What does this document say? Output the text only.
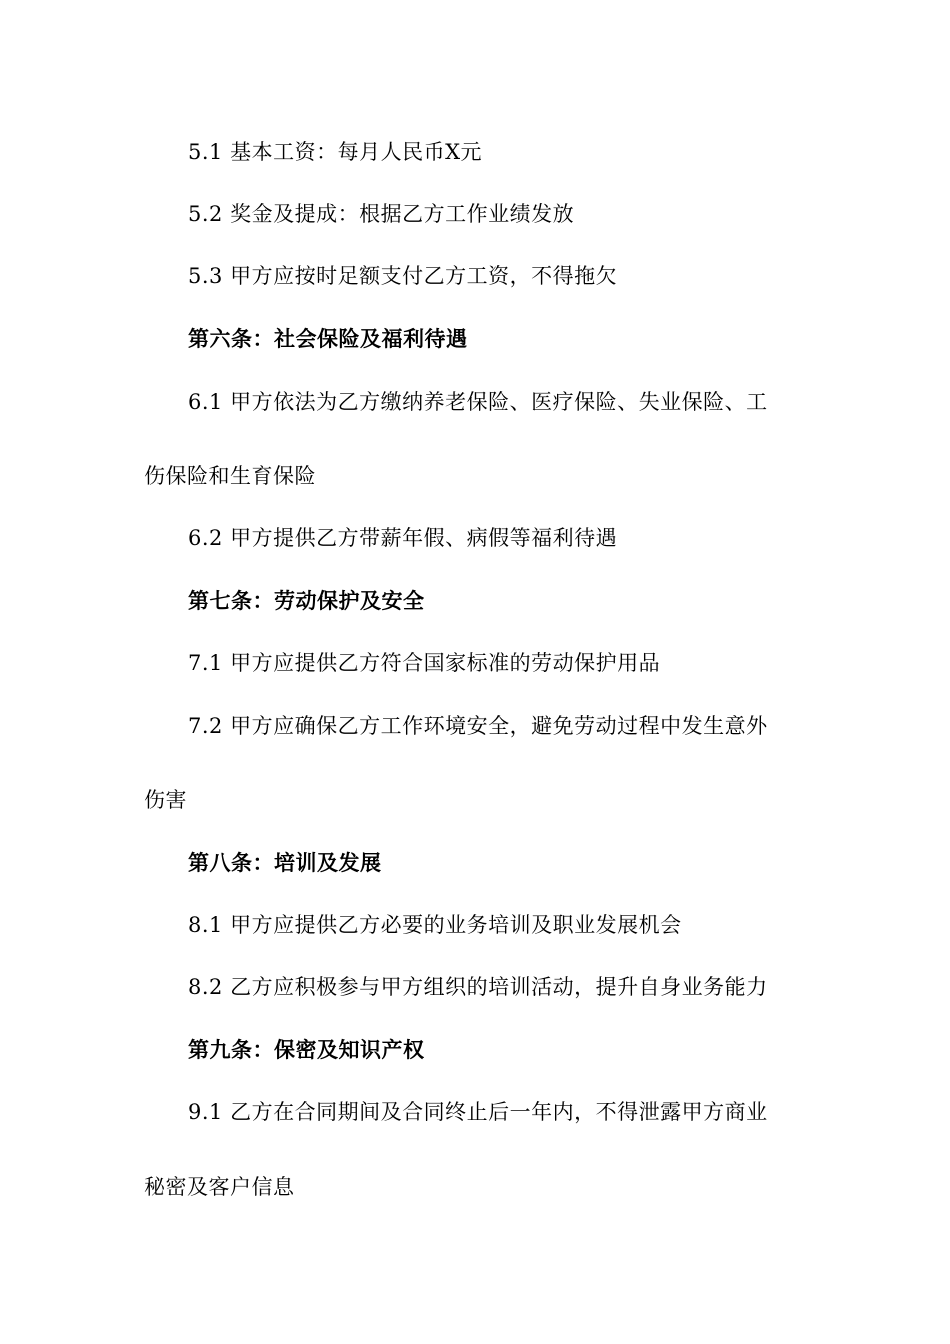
5.1 基本工资：每月人民币X元
5.2 奖金及提成：根据乙方工作业绩发放
5.3 甲方应按时足额支付乙方工资，不得拖欠
第六条：社会保险及福利待遇
6.1 甲方依法为乙方缴纳养老保险、医疗保险、失业保险、工
伤保险和生育保险
6.2 甲方提供乙方带薪年假、病假等福利待遇
第七条：劳动保护及安全
7.1 甲方应提供乙方符合国家标准的劳动保护用品
7.2 甲方应确保乙方工作环境安全，避免劳动过程中发生意外
伤害
第八条：培训及发展
8.1 甲方应提供乙方必要的业务培训及职业发展机会
8.2 乙方应积极参与甲方组织的培训活动，提升自身业务能力
第九条：保密及知识产权
9.1 乙方在合同期间及合同终止后一年内，不得泄露甲方商业
秘密及客户信息
